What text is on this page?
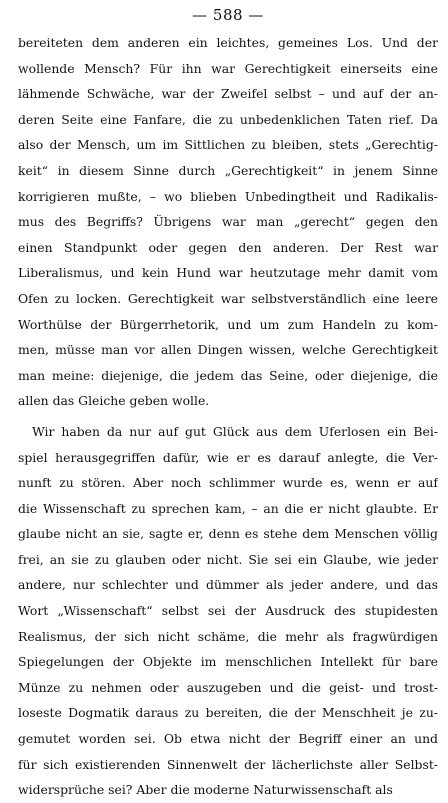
— 588 —
bereiteten dem anderen ein leichtes, gemeines Los. Und der
wollende Mensch? Für ihn war Gerechtigkeit einerseits eine
lähmende Schwäche, war der Zweifel selbst – und auf der an-
deren Seite eine Fanfare, die zu unbedenklichen Taten rief. Da
also der Mensch, um im Sittlichen zu bleiben, stets „Gerechtig-
keit“ in diesem Sinne durch „Gerechtigkeit“ in jenem Sinne
korrigieren mußte, – wo blieben Unbedingtheit und Radikalis-
mus des Begriffs? Übrigens war man „gerecht“ gegen den
einen Standpunkt oder gegen den anderen. Der Rest war
Liberalismus, und kein Hund war heutzutage mehr damit vom
Ofen zu locken. Gerechtigkeit war selbstverständlich eine leere
Worthülse der Bürgerrhetorik, und um zum Handeln zu kom-
men, müsse man vor allen Dingen wissen, welche Gerechtigkeit
man meine: diejenige, die jedem das Seine, oder diejenige, die
allen das Gleiche geben wolle.
Wir haben da nur auf gut Glück aus dem Uferlosen ein Bei-
spiel herausgegriffen dafür, wie er es darauf anlegte, die Ver-
nunft zu stören. Aber noch schlimmer wurde es, wenn er auf
die Wissenschaft zu sprechen kam, – an die er nicht glaubte. Er
glaube nicht an sie, sagte er, denn es stehe dem Menschen völlig
frei, an sie zu glauben oder nicht. Sie sei ein Glaube, wie jeder
andere, nur schlechter und dümmer als jeder andere, und das
Wort „Wissenschaft“ selbst sei der Ausdruck des stupidesten
Realismus, der sich nicht schäme, die mehr als fragwürdigen
Spiegelungen der Objekte im menschlichen Intellekt für bare
Münze zu nehmen oder auszugeben und die geist- und trost-
loseste Dogmatik daraus zu bereiten, die der Menschheit je zu-
gemutet worden sei. Ob etwa nicht der Begriff einer an und
für sich existierenden Sinnenwelt der lächerlichste aller Selbst-
widersprüche sei? Aber die moderne Naturwissenschaft als
